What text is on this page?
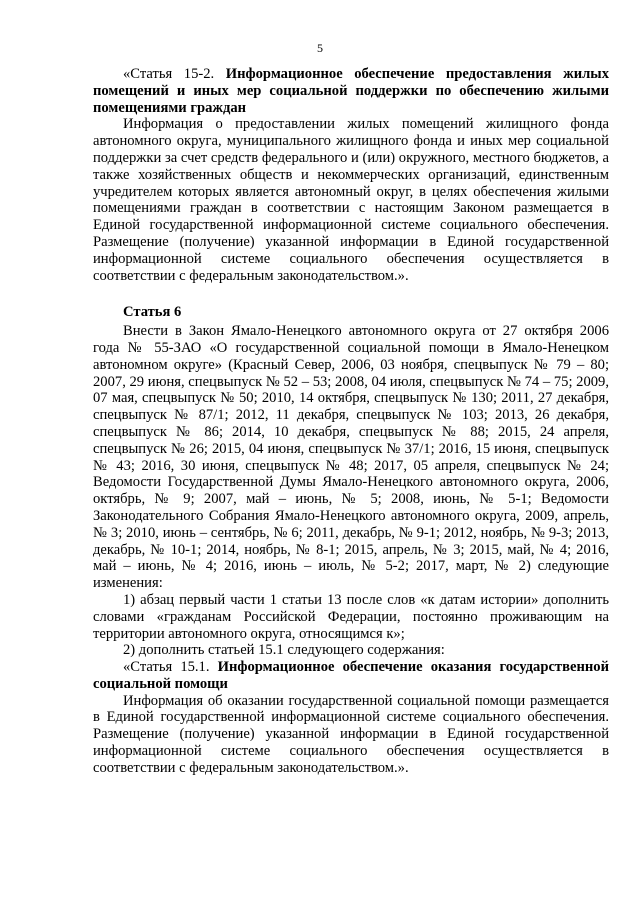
5

«Статья 15-2. Информационное обеспечение предоставления жилых помещений и иных мер социальной поддержки по обеспечению жилыми помещениями граждан

Информация о предоставлении жилых помещений жилищного фонда автономного округа, муниципального жилищного фонда и иных мер социальной поддержки за счет средств федерального и (или) окружного, местного бюджетов, а также хозяйственных обществ и некоммерческих организаций, единственным учредителем которых является автономный округ, в целях обеспечения жилыми помещениями граждан в соответствии с настоящим Законом размещается в Единой государственной информационной системе социального обеспечения. Размещение (получение) указанной информации в Единой государственной информационной системе социального обеспечения осуществляется в соответствии с федеральным законодательством.».

Статья 6

Внести в Закон Ямало-Ненецкого автономного округа от 27 октября 2006 года № 55-ЗАО «О государственной социальной помощи в Ямало-Ненецком автономном округе» (Красный Север, 2006, 03 ноября, спецвыпуск № 79 – 80; 2007, 29 июня, спецвыпуск № 52 – 53; 2008, 04 июля, спецвыпуск № 74 – 75; 2009, 07 мая, спецвыпуск № 50; 2010, 14 октября, спецвыпуск № 130; 2011, 27 декабря, спецвыпуск № 87/1; 2012, 11 декабря, спецвыпуск № 103; 2013, 26 декабря, спецвыпуск № 86; 2014, 10 декабря, спецвыпуск № 88; 2015, 24 апреля, спецвыпуск № 26; 2015, 04 июня, спецвыпуск № 37/1; 2016, 15 июня, спецвыпуск № 43; 2016, 30 июня, спецвыпуск № 48; 2017, 05 апреля, спецвыпуск № 24; Ведомости Государственной Думы Ямало-Ненецкого автономного округа, 2006, октябрь, № 9; 2007, май – июнь, № 5; 2008, июнь, № 5-1; Ведомости Законодательного Собрания Ямало-Ненецкого автономного округа, 2009, апрель, № 3; 2010, июнь – сентябрь, № 6; 2011, декабрь, № 9-1; 2012, ноябрь, № 9-3; 2013, декабрь, № 10-1; 2014, ноябрь, № 8-1; 2015, апрель, № 3; 2015, май, № 4; 2016, май – июнь, № 4; 2016, июнь – июль, № 5-2; 2017, март, № 2) следующие изменения:

1) абзац первый части 1 статьи 13 после слов «к датам истории» дополнить словами «гражданам Российской Федерации, постоянно проживающим на территории автономного округа, относящимся к»;

2) дополнить статьей 15.1 следующего содержания:

«Статья 15.1. Информационное обеспечение оказания государственной социальной помощи

Информация об оказании государственной социальной помощи размещается в Единой государственной информационной системе социального обеспечения. Размещение (получение) указанной информации в Единой государственной информационной системе социального обеспечения осуществляется в соответствии с федеральным законодательством.».
